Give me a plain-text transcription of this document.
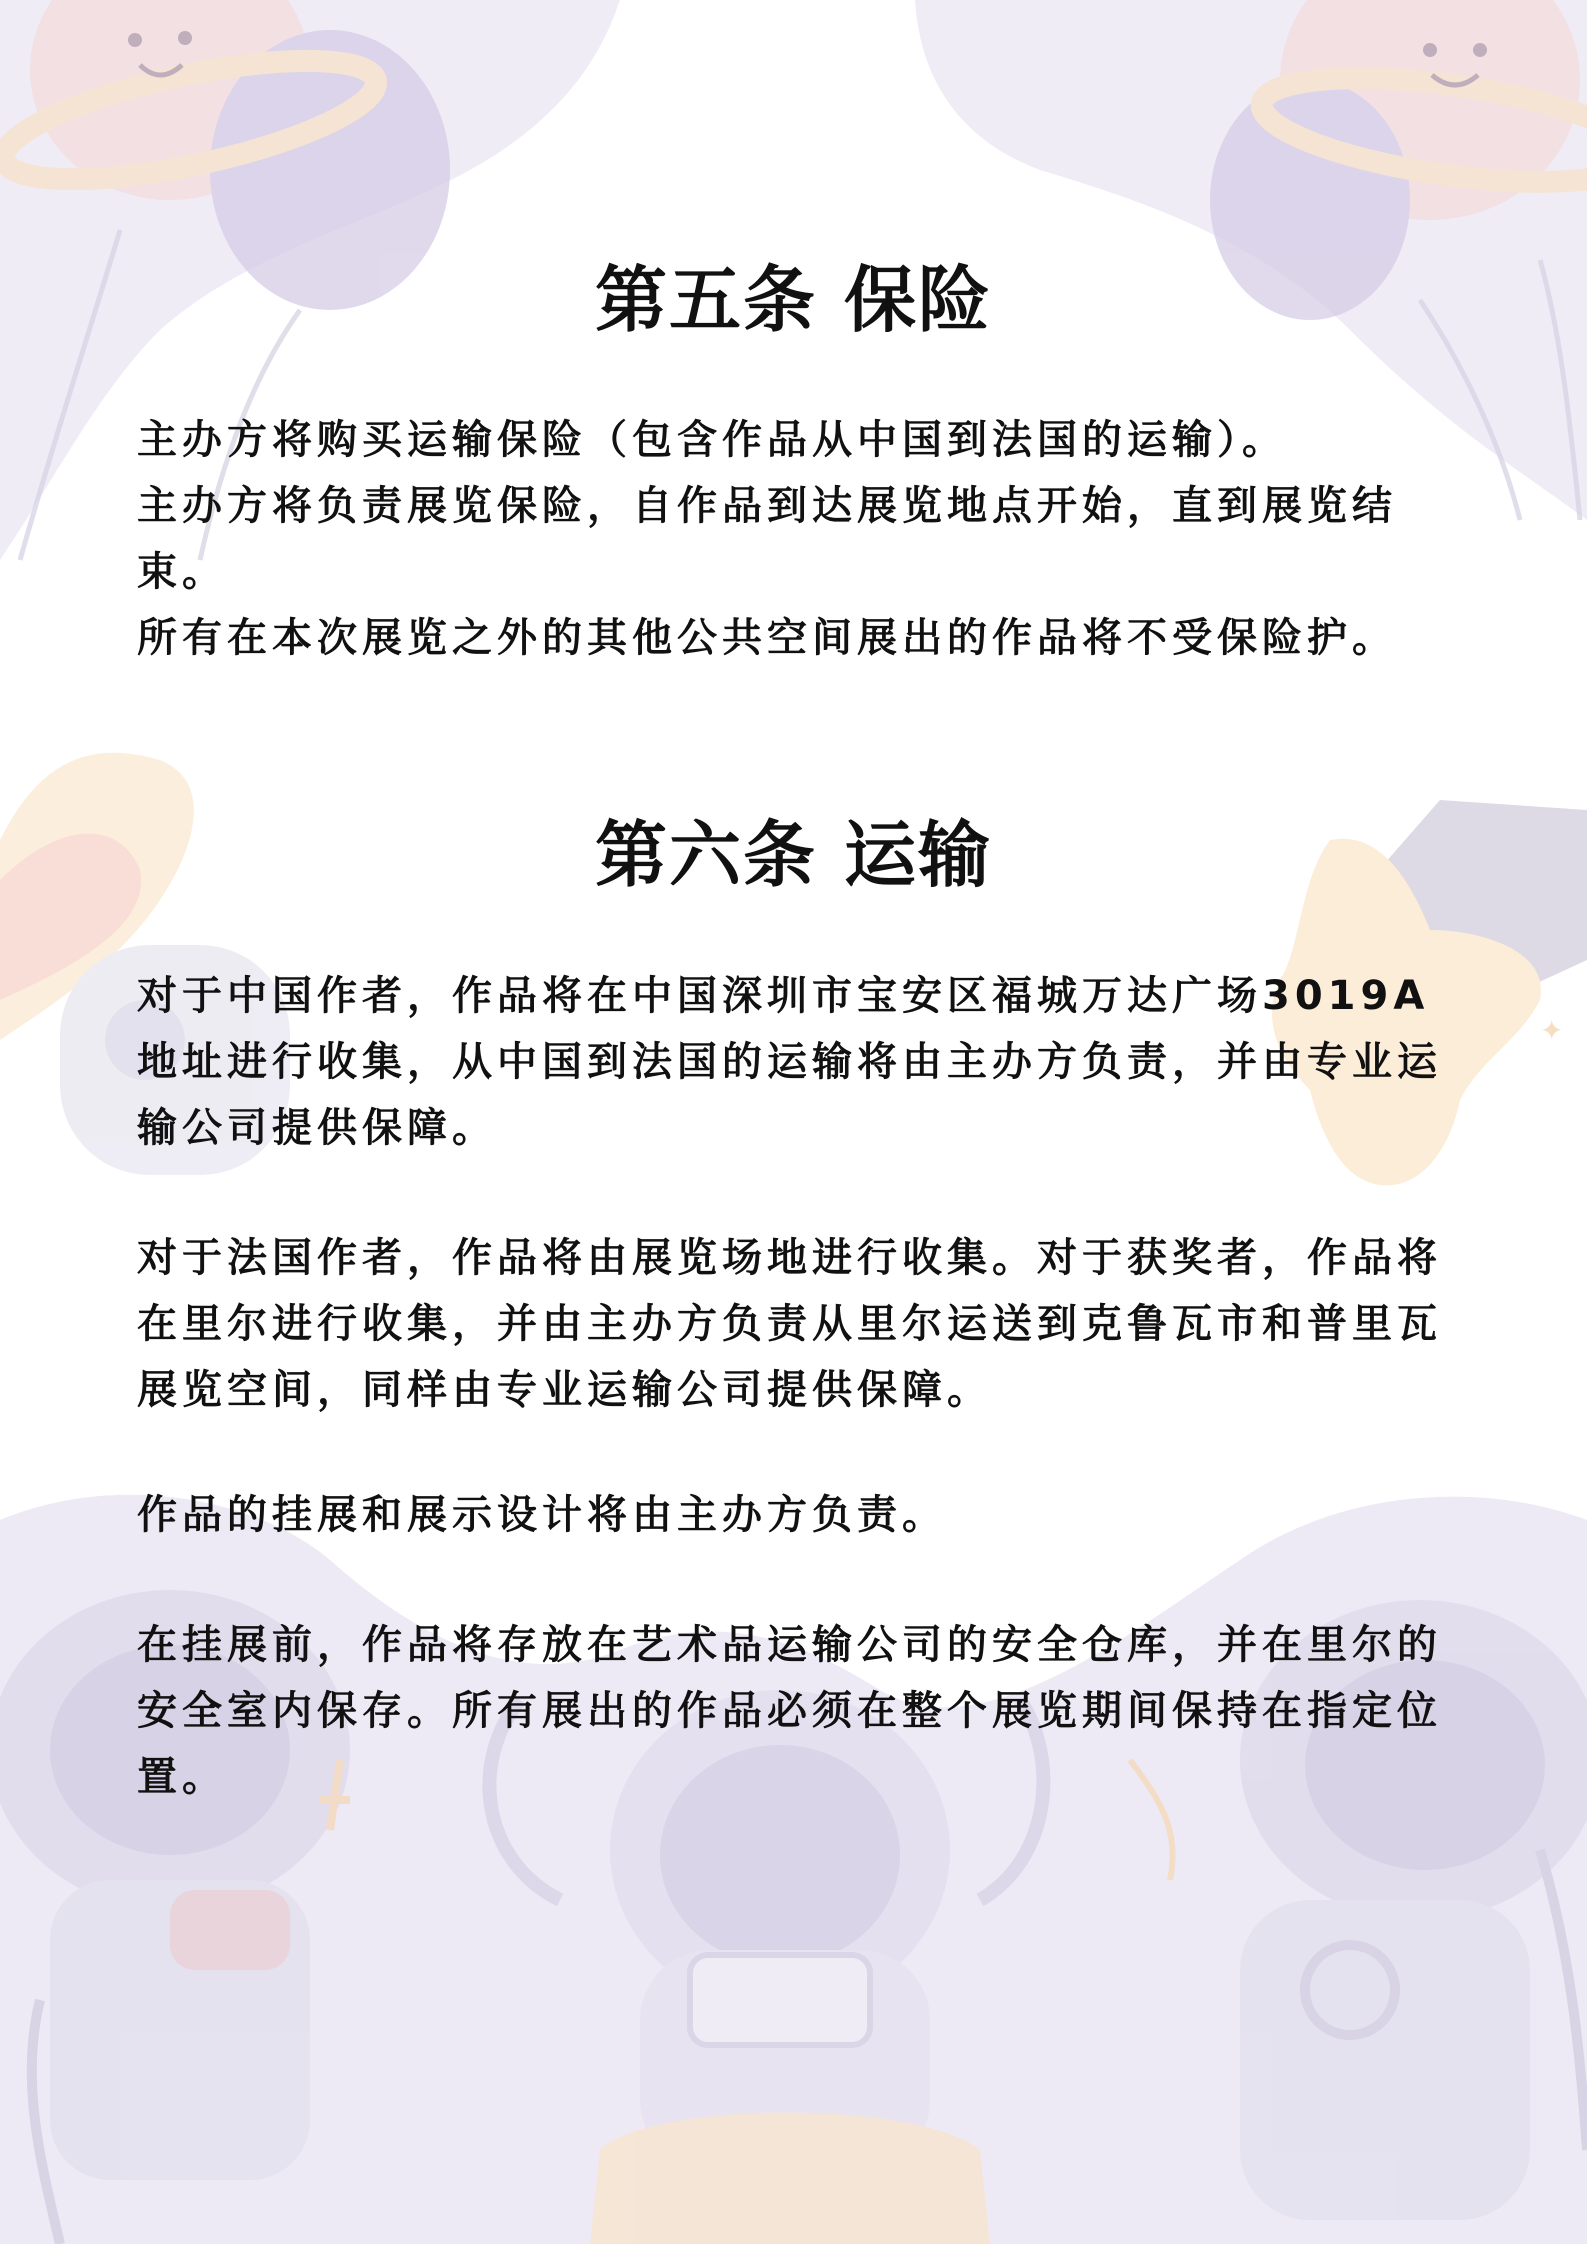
✦
第五条 保险

主办方将购买运输保险（包含作品从中国到法国的运输）。

主办方将负责展览保险，自作品到达展览地点开始，直到展览结束。

所有在本次展览之外的其他公共空间展出的作品将不受保险护。

第六条 运输

对于中国作者，作品将在中国深圳市宝安区福城万达广场3019A地址进行收集，从中国到法国的运输将由主办方负责，并由专业运输公司提供保障。

对于法国作者，作品将由展览场地进行收集。对于获奖者，作品将在里尔进行收集，并由主办方负责从里尔运送到克鲁瓦市和普里瓦展览空间，同样由专业运输公司提供保障。

作品的挂展和展示设计将由主办方负责。

在挂展前，作品将存放在艺术品运输公司的安全仓库，并在里尔的安全室内保存。所有展出的作品必须在整个展览期间保持在指定位置。
